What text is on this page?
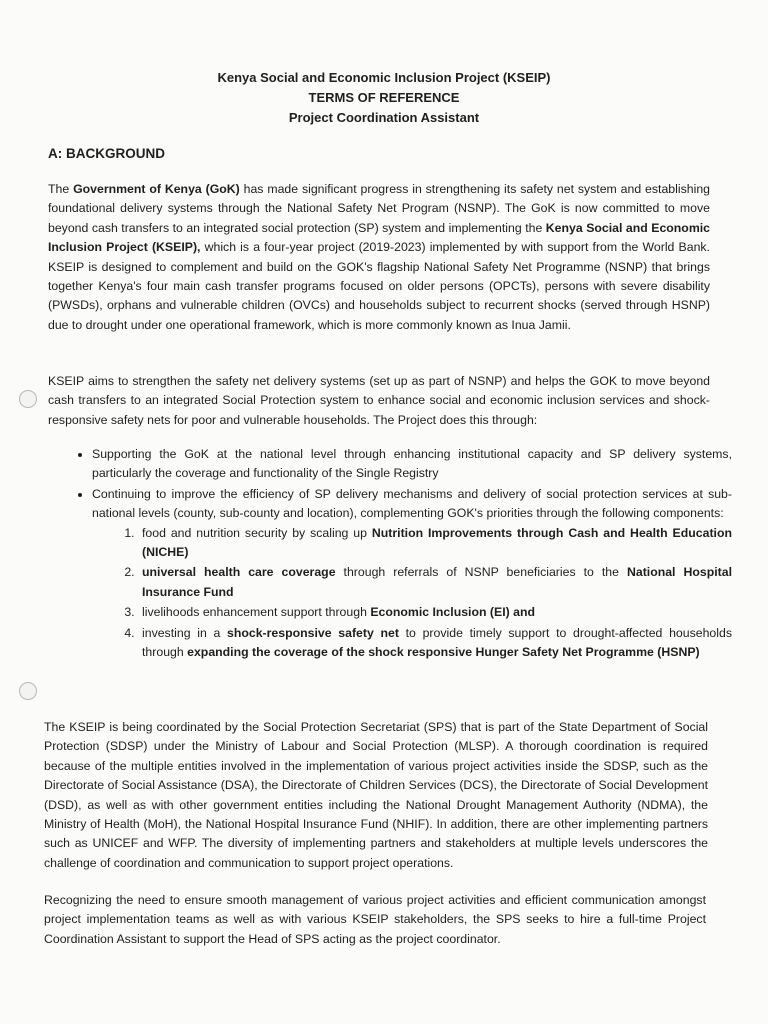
Kenya Social and Economic Inclusion Project (KSEIP)
TERMS OF REFERENCE
Project Coordination Assistant
A: BACKGROUND

The Government of Kenya (GoK) has made significant progress in strengthening its safety net system and establishing foundational delivery systems through the National Safety Net Program (NSNP). The GoK is now committed to move beyond cash transfers to an integrated social protection (SP) system and implementing the Kenya Social and Economic Inclusion Project (KSEIP), which is a four-year project (2019-2023) implemented by with support from the World Bank. KSEIP is designed to complement and build on the GOK's flagship National Safety Net Programme (NSNP) that brings together Kenya's four main cash transfer programs focused on older persons (OPCTs), persons with severe disability (PWSDs), orphans and vulnerable children (OVCs) and households subject to recurrent shocks (served through HSNP) due to drought under one operational framework, which is more commonly known as Inua Jamii.

KSEIP aims to strengthen the safety net delivery systems (set up as part of NSNP) and helps the GOK to move beyond cash transfers to an integrated Social Protection system to enhance social and economic inclusion services and shock-responsive safety nets for poor and vulnerable households. The Project does this through:

• Supporting the GoK at the national level through enhancing institutional capacity and SP delivery systems, particularly the coverage and functionality of the Single Registry
• Continuing to improve the efficiency of SP delivery mechanisms and delivery of social protection services at sub-national levels (county, sub-county and location), complementing GOK's priorities through the following components:
1. food and nutrition security by scaling up Nutrition Improvements through Cash and Health Education (NICHE)
2. universal health care coverage through referrals of NSNP beneficiaries to the National Hospital Insurance Fund
3. livelihoods enhancement support through Economic Inclusion (EI) and
4. investing in a shock-responsive safety net to provide timely support to drought-affected households through expanding the coverage of the shock responsive Hunger Safety Net Programme (HSNP)

The KSEIP is being coordinated by the Social Protection Secretariat (SPS) that is part of the State Department of Social Protection (SDSP) under the Ministry of Labour and Social Protection (MLSP). A thorough coordination is required because of the multiple entities involved in the implementation of various project activities inside the SDSP, such as the Directorate of Social Assistance (DSA), the Directorate of Children Services (DCS), the Directorate of Social Development (DSD), as well as with other government entities including the National Drought Management Authority (NDMA), the Ministry of Health (MoH), the National Hospital Insurance Fund (NHIF). In addition, there are other implementing partners such as UNICEF and WFP. The diversity of implementing partners and stakeholders at multiple levels underscores the challenge of coordination and communication to support project operations.

Recognizing the need to ensure smooth management of various project activities and efficient communication amongst project implementation teams as well as with various KSEIP stakeholders, the SPS seeks to hire a full-time Project Coordination Assistant to support the Head of SPS acting as the project coordinator.
